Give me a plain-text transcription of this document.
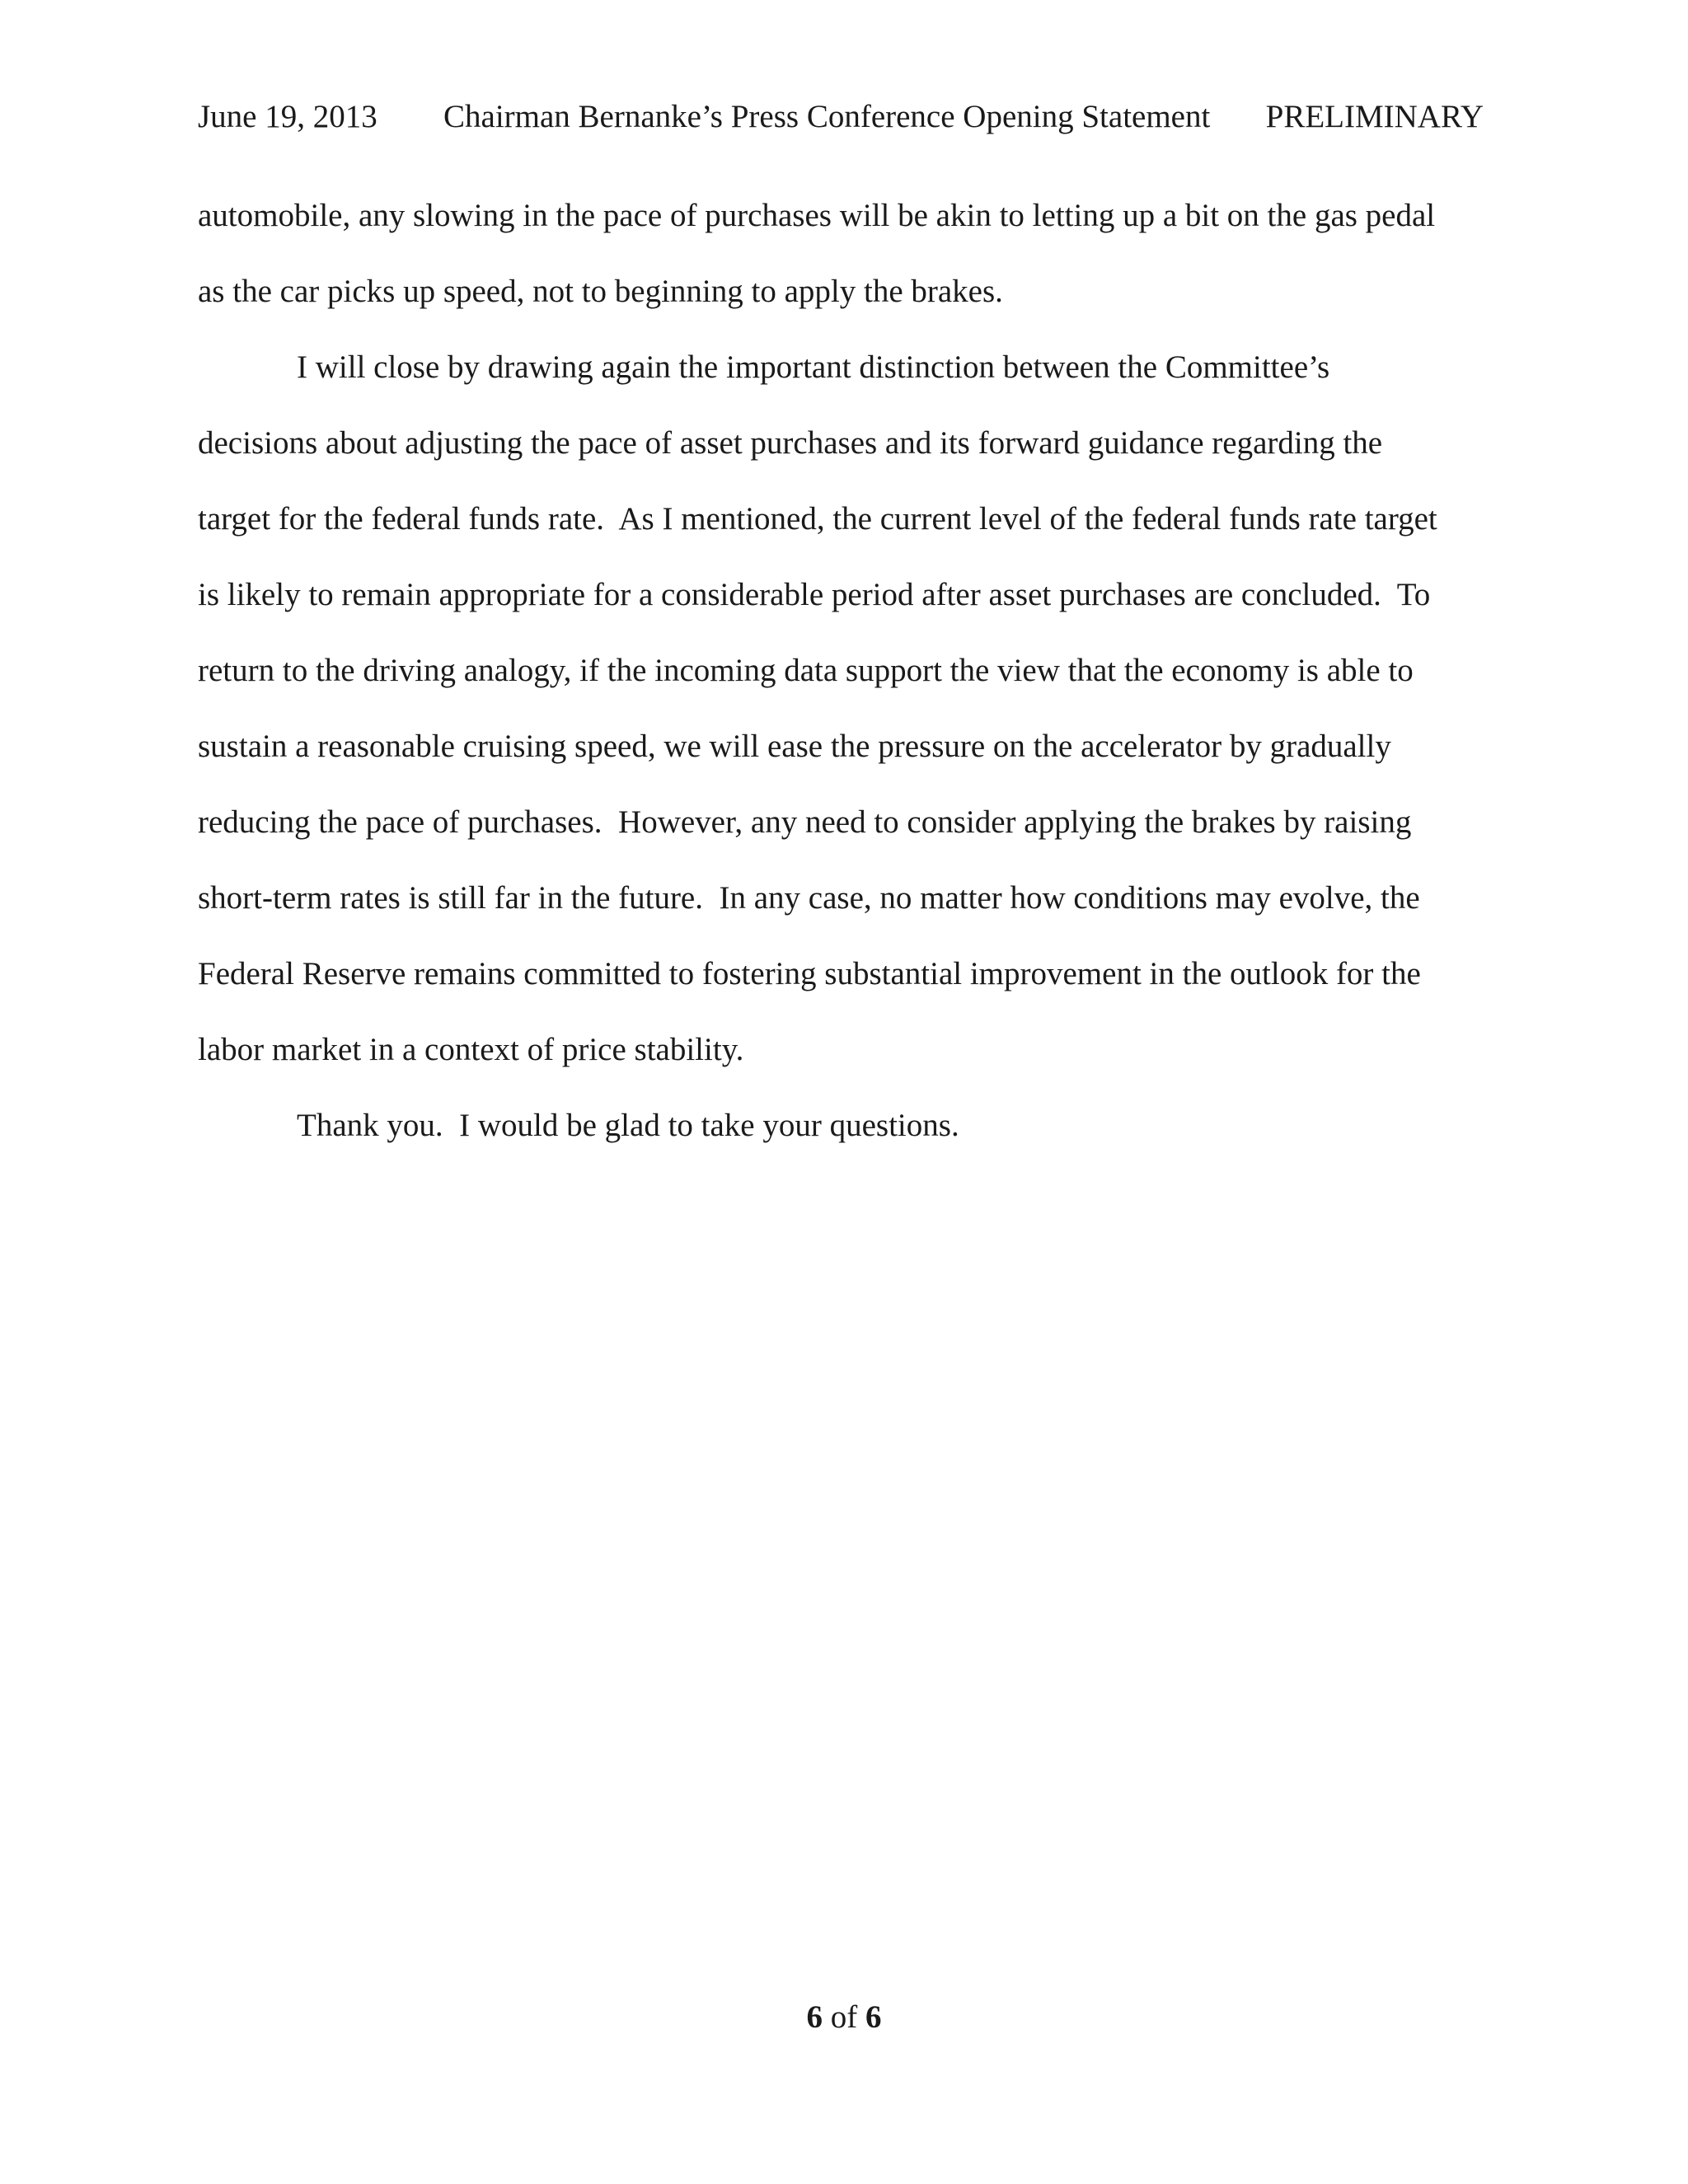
June 19, 2013 Chairman Bernanke’s Press Conference Opening Statement PRELIMINARY
automobile, any slowing in the pace of purchases will be akin to letting up a bit on the gas pedal
as the car picks up speed, not to beginning to apply the brakes.
I will close by drawing again the important distinction between the Committee’s
decisions about adjusting the pace of asset purchases and its forward guidance regarding the
target for the federal funds rate.  As I mentioned, the current level of the federal funds rate target
is likely to remain appropriate for a considerable period after asset purchases are concluded.  To
return to the driving analogy, if the incoming data support the view that the economy is able to
sustain a reasonable cruising speed, we will ease the pressure on the accelerator by gradually
reducing the pace of purchases.  However, any need to consider applying the brakes by raising
short-term rates is still far in the future.  In any case, no matter how conditions may evolve, the
Federal Reserve remains committed to fostering substantial improvement in the outlook for the
labor market in a context of price stability.
Thank you.  I would be glad to take your questions.
6 of 6
